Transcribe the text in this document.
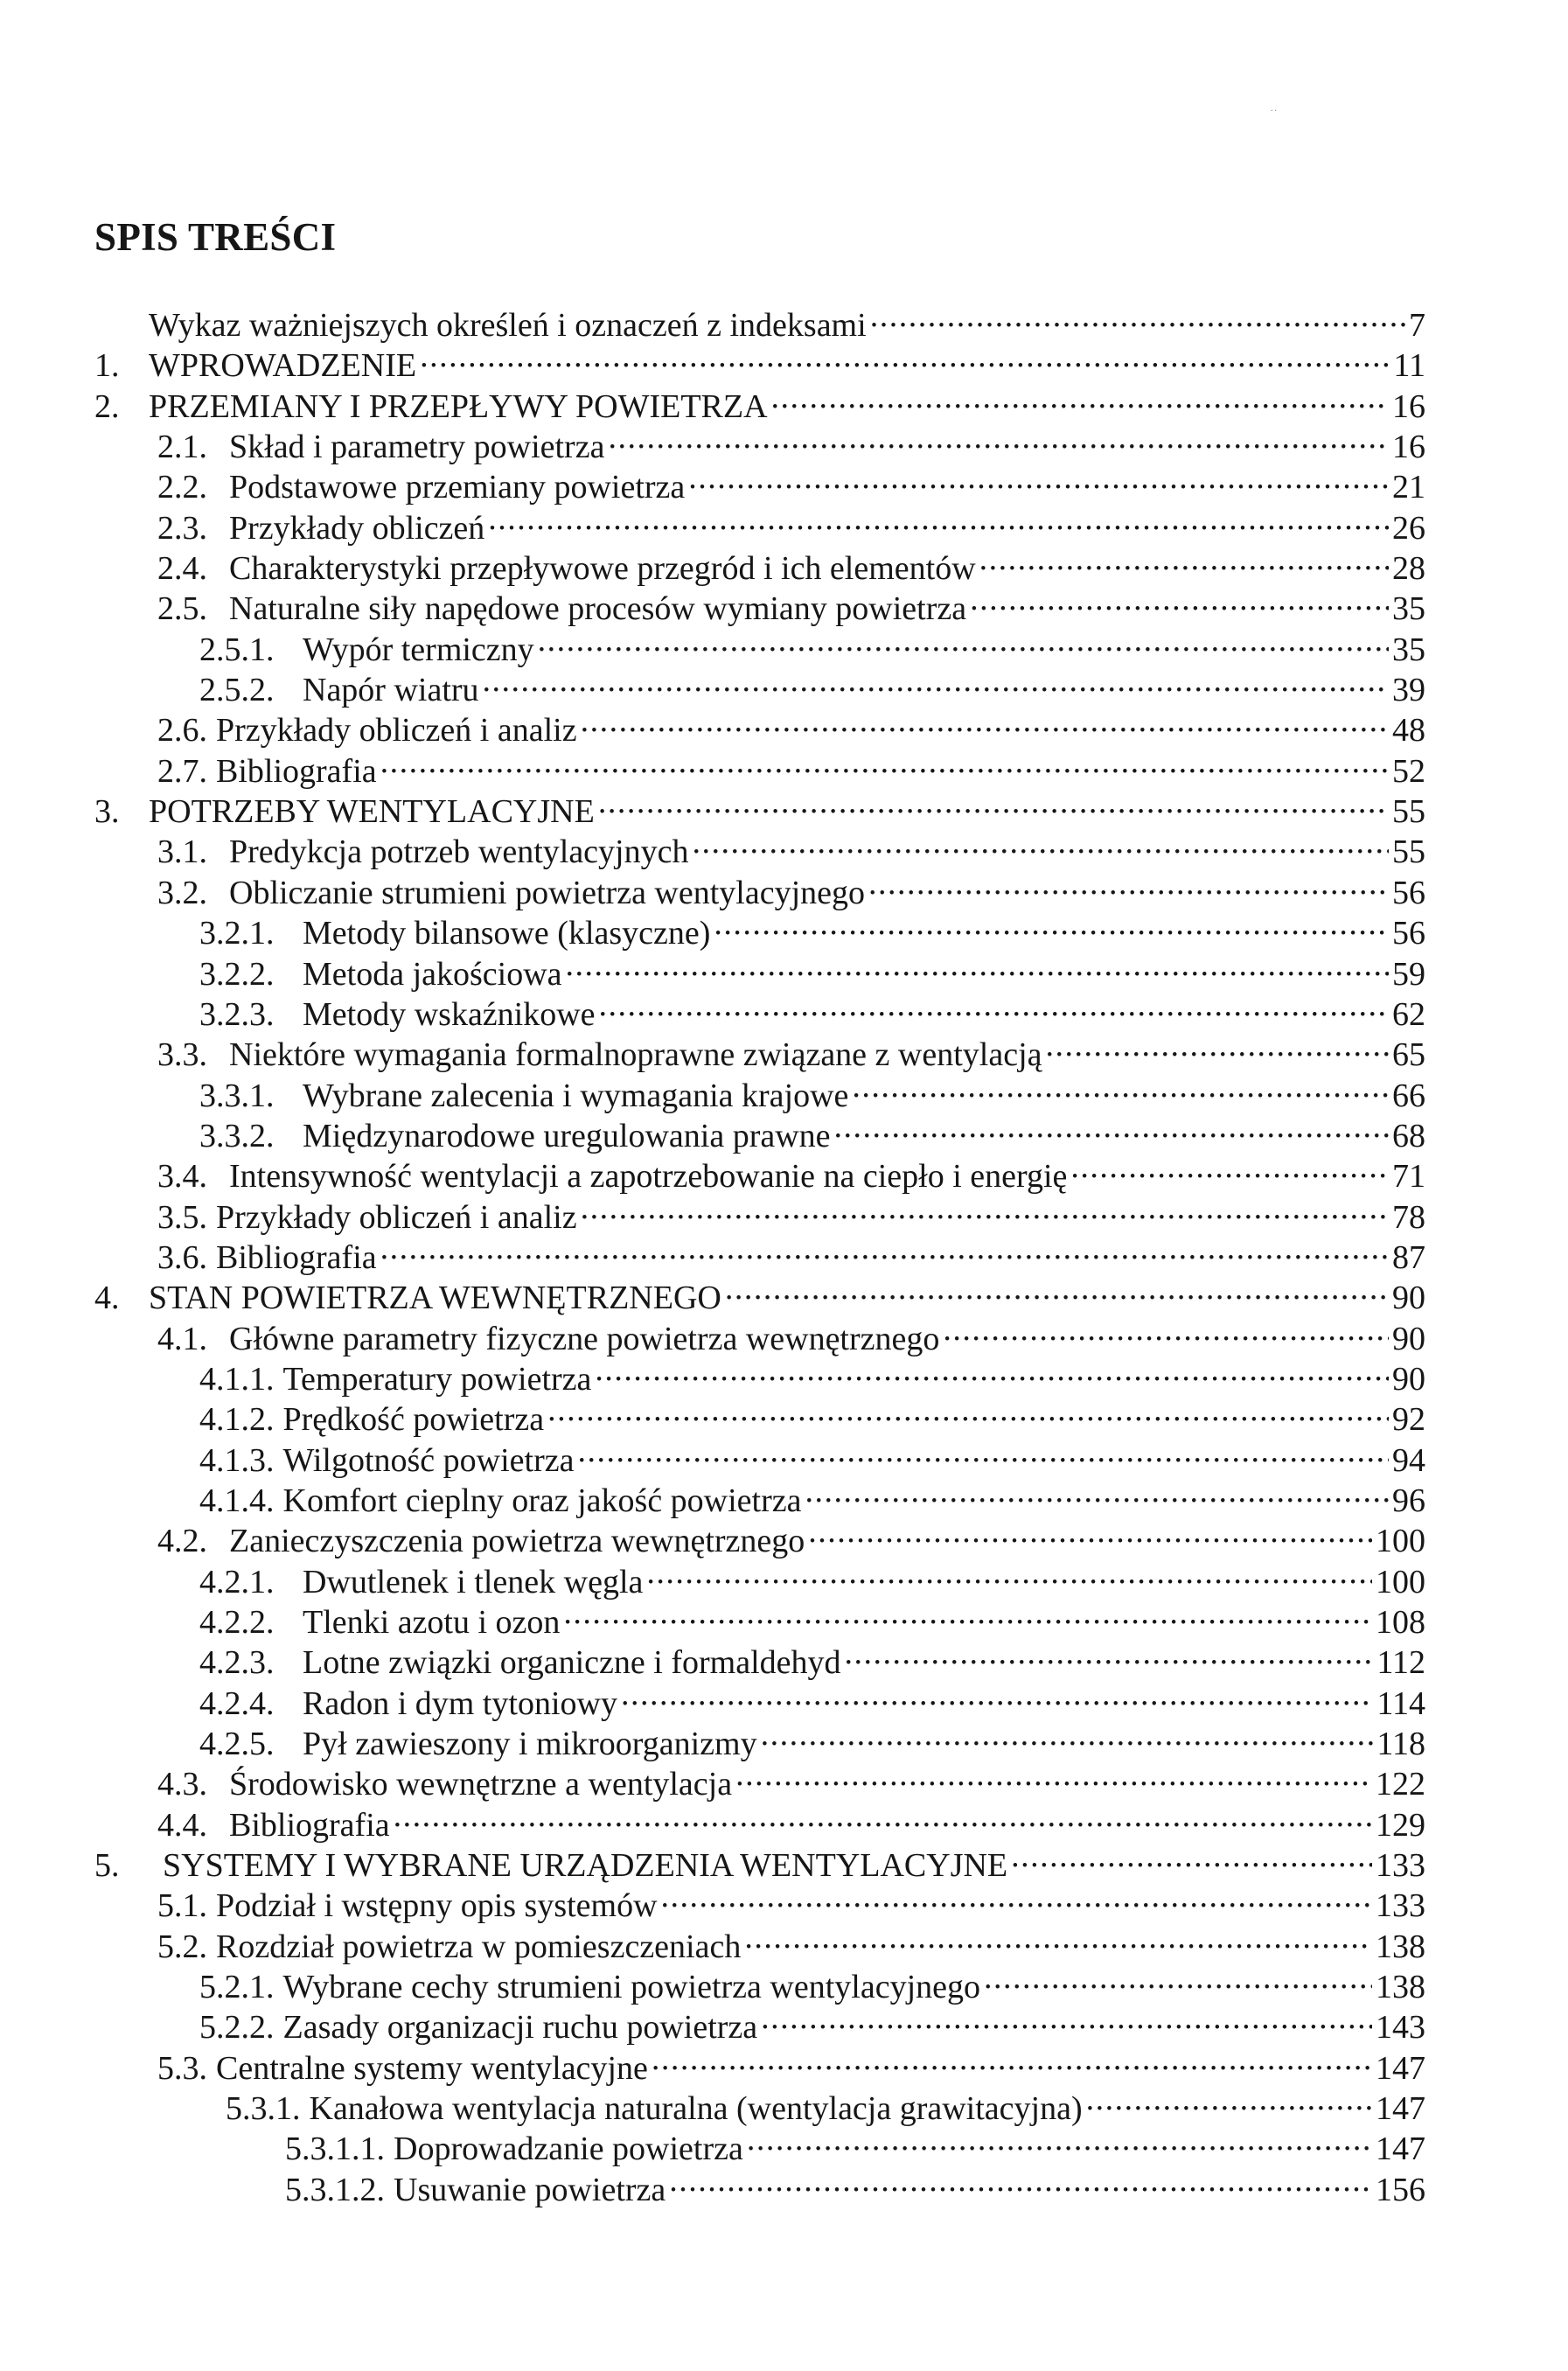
˙˙
SPIS TREŚCI
Wykaz ważniejszych określeń i oznaczeń z indeksami . . .	7
1. WPROWADZENIE . . .	11
2. PRZEMIANY I PRZEPŁYWY POWIETRZA . . .	16
2.1. Skład i parametry powietrza . . .	16
2.2. Podstawowe przemiany powietrza . . .	21
2.3. Przykłady obliczeń . . .	26
2.4. Charakterystyki przepływowe przegród i ich elementów . . .	28
2.5. Naturalne siły napędowe procesów wymiany powietrza . . .	35
2.5.1. Wypór termiczny . . .	35
2.5.2. Napór wiatru . . .	39
2.6. Przykłady obliczeń i analiz . . .	48
2.7. Bibliografia . . .	52
3. POTRZEBY WENTYLACYJNE . . .	55
3.1. Predykcja potrzeb wentylacyjnych . . .	55
3.2. Obliczanie strumieni powietrza wentylacyjnego . . .	56
3.2.1. Metody bilansowe (klasyczne) . . .	56
3.2.2. Metoda jakościowa . . .	59
3.2.3. Metody wskaźnikowe . . .	62
3.3. Niektóre wymagania formalnoprawne związane z wentylacją . . .	65
3.3.1. Wybrane zalecenia i wymagania krajowe . . .	66
3.3.2. Międzynarodowe uregulowania prawne . . .	68
3.4. Intensywność wentylacji a zapotrzebowanie na ciepło i energię . . .	71
3.5. Przykłady obliczeń i analiz . . .	78
3.6. Bibliografia . . .	87
4. STAN POWIETRZA WEWNĘTRZNEGO . . .	90
4.1. Główne parametry fizyczne powietrza wewnętrznego . . .	90
4.1.1. Temperatury powietrza . . .	90
4.1.2. Prędkość powietrza . . .	92
4.1.3. Wilgotność powietrza . . .	94
4.1.4. Komfort cieplny oraz jakość powietrza . . .	96
4.2. Zanieczyszczenia powietrza wewnętrznego . . .	100
4.2.1. Dwutlenek i tlenek węgla . . .	100
4.2.2. Tlenki azotu i ozon . . .	108
4.2.3. Lotne związki organiczne i formaldehyd . . .	112
4.2.4. Radon i dym tytoniowy . . .	114
4.2.5. Pył zawieszony i mikroorganizmy . . .	118
4.3. Środowisko wewnętrzne a wentylacja . . .	122
4.4. Bibliografia . . .	129
5.	SYSTEMY I WYBRANE URZĄDZENIA WENTYLACYJNE . . .	133
5.1. Podział i wstępny opis systemów . . .	133
5.2. Rozdział powietrza w pomieszczeniach . . .	138
5.2.1. Wybrane cechy strumieni powietrza wentylacyjnego . . .	138
5.2.2. Zasady organizacji ruchu powietrza . . .	143
5.3. Centralne systemy wentylacyjne . . .	147
5.3.1. Kanałowa wentylacja naturalna (wentylacja grawitacyjna) . . .	147
5.3.1.1. Doprowadzanie powietrza . . .	147
5.3.1.2. Usuwanie powietrza . . .	156
